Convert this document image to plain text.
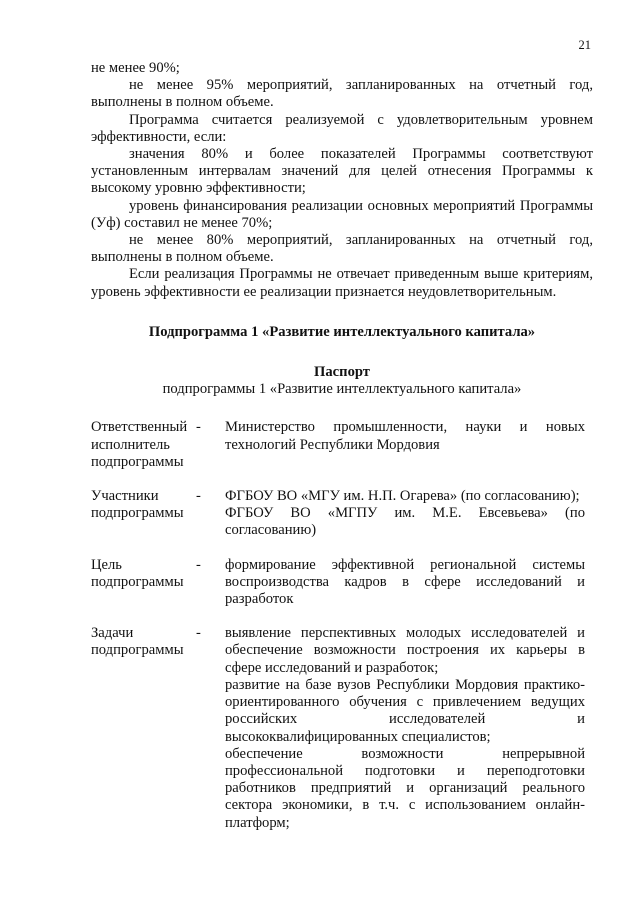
21

не менее 90%;

не менее 95% мероприятий, запланированных на отчетный год, выполнены в полном объеме.

Программа считается реализуемой с удовлетворительным уровнем эффективности, если:

значения 80% и более показателей Программы соответствуют установленным интервалам значений для целей отнесения Программы к высокому уровню эффективности;

уровень финансирования реализации основных мероприятий Программы (Уф) составил не менее 70%;

не менее 80% мероприятий, запланированных на отчетный год, выполнены в полном объеме.

Если реализация Программы не отвечает приведенным выше критериям, уровень эффективности ее реализации признается неудовлетворительным.

Подпрограмма 1 «Развитие интеллектуального капитала»

Паспорт

подпрограммы 1 «Развитие интеллектуального капитала»

Ответственный исполнитель подпрограммы
-	Министерство промышленности, науки и новых технологий Республики Мордовия

Участники подпрограммы
-	ФГБОУ ВО «МГУ им. Н.П. Огарева» (по согласованию);

ФГБОУ ВО «МГПУ им. М.Е. Евсевьева» (по согласованию)

Цель подпрограммы
-	формирование эффективной региональной системы воспроизводства кадров в сфере исследований и разработок

Задачи подпрограммы
-	выявление перспективных молодых исследователей и обеспечение возможности построения их карьеры в сфере исследований и разработок;

развитие на базе вузов Республики Мордовия практико-ориентированного обучения с привлечением ведущих российских исследователей и высококвалифицированных специалистов;

обеспечение возможности непрерывной профессиональной подготовки и переподготовки работников предприятий и организаций реального сектора экономики, в т.ч. с использованием онлайн-платформ;
